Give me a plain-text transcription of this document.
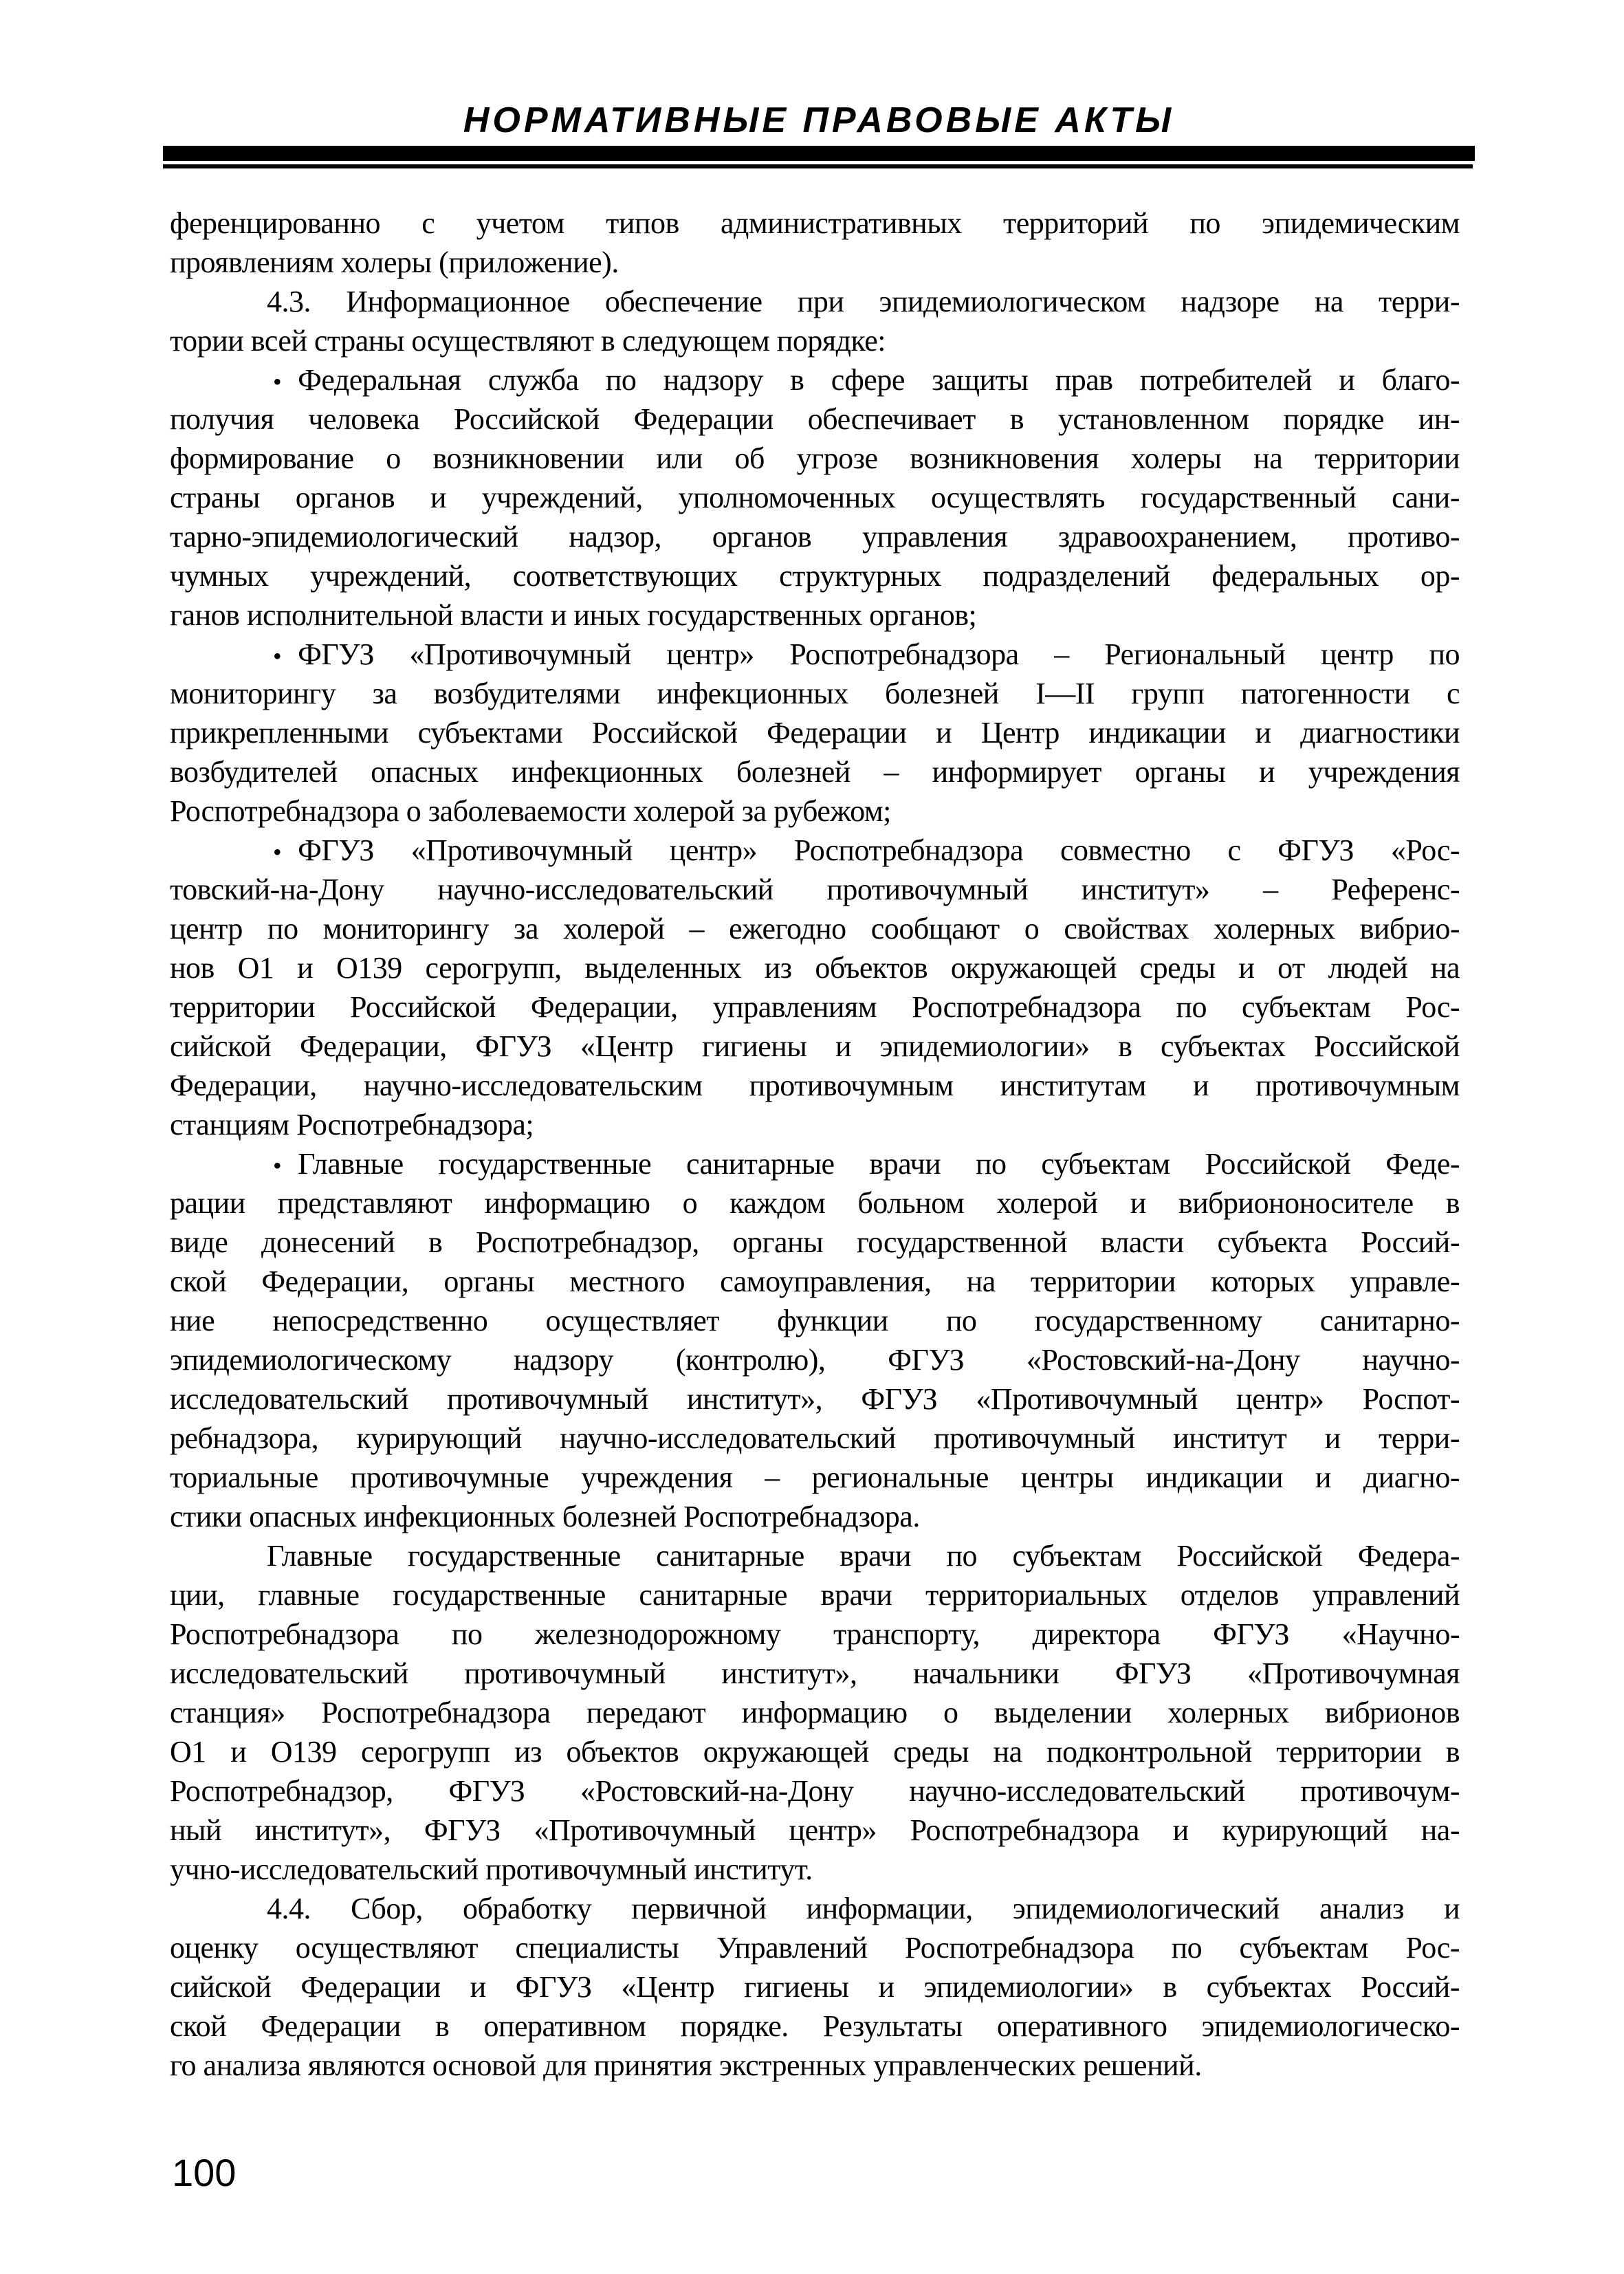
НОРМАТИВНЫЕ ПРАВОВЫЕ АКТЫ
ференцированно с учетом типов административных территорий по эпидемическим
проявлениям холеры (приложение).
4.3. Информационное обеспечение при эпидемиологическом надзоре на терри-
тории всей страны осуществляют в следующем порядке:
• Федеральная служба по надзору в сфере защиты прав потребителей и благо-
получия человека Российской Федерации обеспечивает в установленном порядке ин-
формирование о возникновении или об угрозе возникновения холеры на территории
страны органов и учреждений, уполномоченных осуществлять государственный сани-
тарно-эпидемиологический надзор, органов управления здравоохранением, противо-
чумных учреждений, соответствующих структурных подразделений федеральных ор-
ганов исполнительной власти и иных государственных органов;
• ФГУЗ «Противочумный центр» Роспотребнадзора – Региональный центр по
мониторингу за возбудителями инфекционных болезней I—II групп патогенности с
прикрепленными субъектами Российской Федерации и Центр индикации и диагностики
возбудителей опасных инфекционных болезней – информирует органы и учреждения
Роспотребнадзора о заболеваемости холерой за рубежом;
• ФГУЗ «Противочумный центр» Роспотребнадзора совместно с ФГУЗ «Рос-
товский-на-Дону научно-исследовательский противочумный институт» – Референс-
центр по мониторингу за холерой – ежегодно сообщают о свойствах холерных вибрио-
нов О1 и О139 серогрупп, выделенных из объектов окружающей среды и от людей на
территории Российской Федерации, управлениям Роспотребнадзора по субъектам Рос-
сийской Федерации, ФГУЗ «Центр гигиены и эпидемиологии» в субъектах Российской
Федерации, научно-исследовательским противочумным институтам и противочумным
станциям Роспотребнадзора;
• Главные государственные санитарные врачи по субъектам Российской Феде-
рации представляют информацию о каждом больном холерой и вибриононосителе в
виде донесений в Роспотребнадзор, органы государственной власти субъекта Россий-
ской Федерации, органы местного самоуправления, на территории которых управле-
ние непосредственно осуществляет функции по государственному санитарно-
эпидемиологическому надзору (контролю), ФГУЗ «Ростовский-на-Дону научно-
исследовательский противочумный институт», ФГУЗ «Противочумный центр» Роспот-
ребнадзора, курирующий научно-исследовательский противочумный институт и терри-
ториальные противочумные учреждения – региональные центры индикации и диагно-
стики опасных инфекционных болезней Роспотребнадзора.
Главные государственные санитарные врачи по субъектам Российской Федера-
ции, главные государственные санитарные врачи территориальных отделов управлений
Роспотребнадзора по железнодорожному транспорту, директора ФГУЗ «Научно-
исследовательский противочумный институт», начальники ФГУЗ «Противочумная
станция» Роспотребнадзора передают информацию о выделении холерных вибрионов
О1 и О139 серогрупп из объектов окружающей среды на подконтрольной территории в
Роспотребнадзор, ФГУЗ «Ростовский-на-Дону научно-исследовательский противочум-
ный институт», ФГУЗ «Противочумный центр» Роспотребнадзора и курирующий на-
учно-исследовательский противочумный институт.
4.4. Сбор, обработку первичной информации, эпидемиологический анализ и
оценку осуществляют специалисты Управлений Роспотребнадзора по субъектам Рос-
сийской Федерации и ФГУЗ «Центр гигиены и эпидемиологии» в субъектах Россий-
ской Федерации в оперативном порядке. Результаты оперативного эпидемиологическо-
го анализа являются основой для принятия экстренных управленческих решений.
100
